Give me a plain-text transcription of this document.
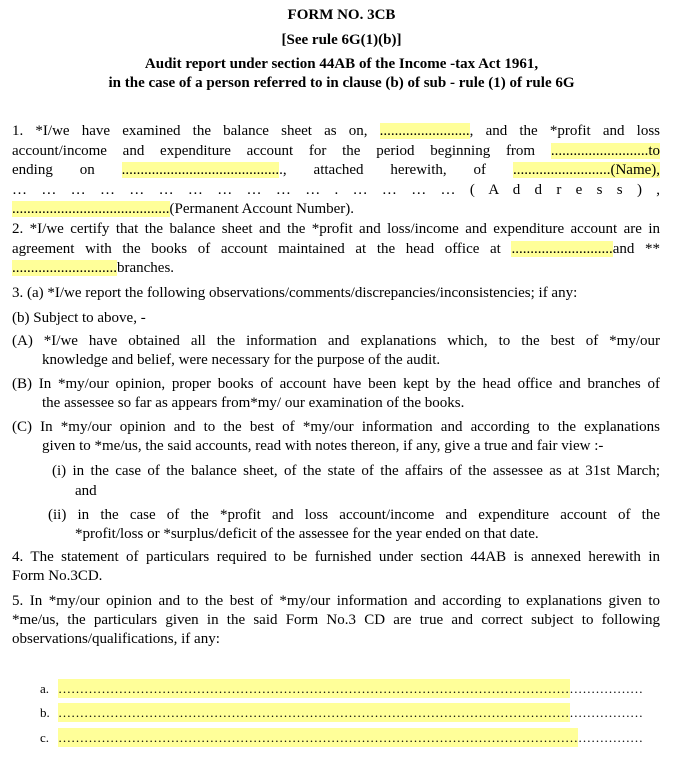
FORM NO. 3CB
[See rule 6G(1)(b)]
Audit report under section 44AB of the Income -tax Act 1961,
in the case of a person referred to in clause (b) of sub - rule (1) of rule 6G
1. *I/we have examined the balance sheet as on, ........................, and the *profit and loss
account/income and expenditure account for the period beginning from ..........................to
ending on ..........................................., attached herewith, of ..........................(Name),
… … … … … … … … … … … . … … … … ( A d d r e s s ) ,
..........................................(Permanent Account Number).
2. *I/we certify that the balance sheet and the *profit and loss/income and expenditure account are in
agreement with the books of account maintained at the head office at ...........................and **
............................branches.
3. (a) *I/we report the following observations/comments/discrepancies/inconsistencies; if any:
(b) Subject to above, -
(A) *I/we have obtained all the information and explanations which, to the best of *my/our
knowledge and belief, were necessary for the purpose of the audit.
(B) In *my/our opinion, proper books of account have been kept by the head office and branches of
the assessee so far as appears from*my/ our examination of the books.
(C) In *my/our opinion and to the best of *my/our information and according to the explanations
given to *me/us, the said accounts, read with notes thereon, if any, give a true and fair view :-
(i) in the case of the balance sheet, of the state of the affairs of the assessee as at 31st March;
and
(ii) in the case of the *profit and loss account/income and expenditure account of the
*profit/loss or *surplus/deficit of the assessee for the year ended on that date.
4. The statement of particulars required to be furnished under section 44AB is annexed herewith in
Form No.3CD.
5. In *my/our opinion and to the best of *my/our information and according to explanations given to
*me/us, the particulars given in the said Form No.3 CD are true and correct subject to following
observations/qualifications, if any:
a. ………………………………………………………………………………………………………………………
b. ………………………………………………………………………………………………………………………
c. ………………………………………………………………………………………………………………………
